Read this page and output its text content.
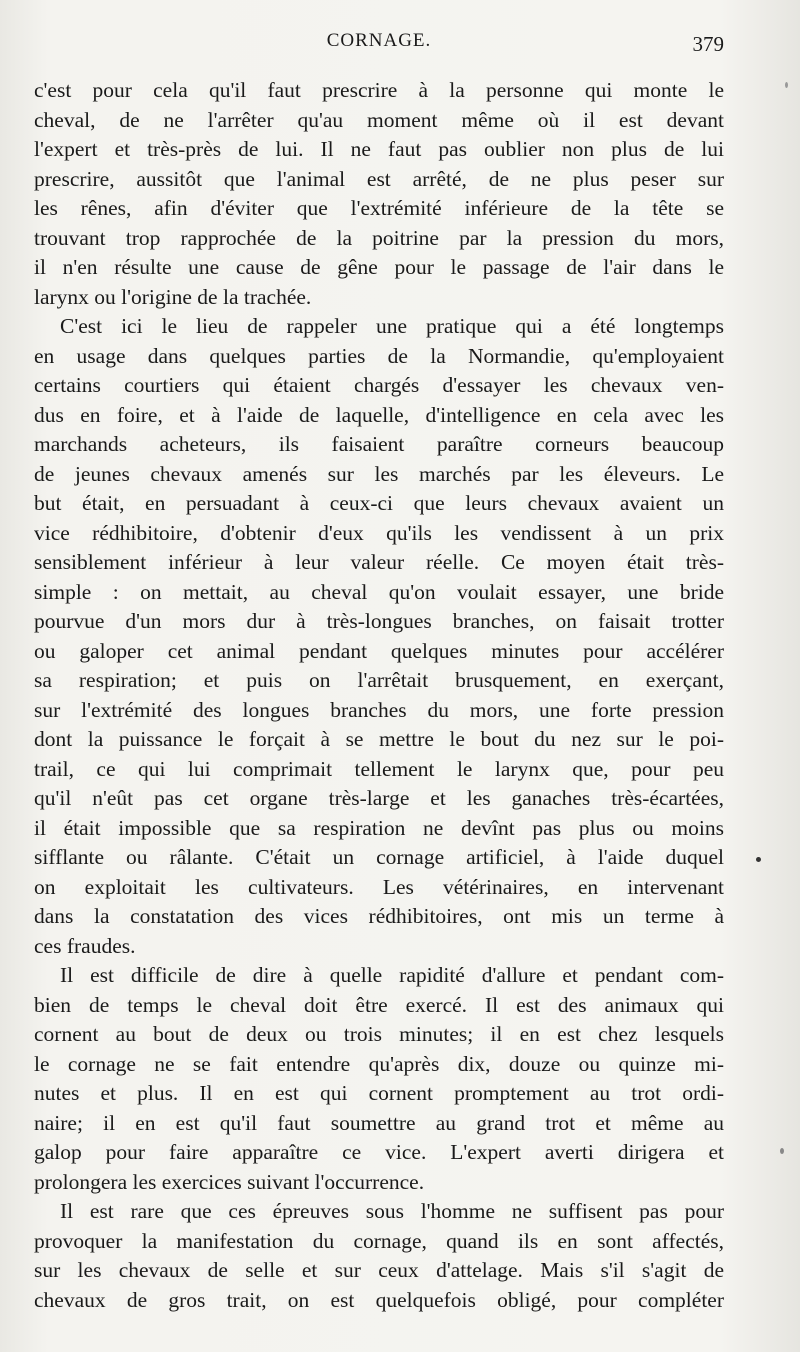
CORNAGE.	379
c'est pour cela qu'il faut prescrire à la personne qui monte le
cheval, de ne l'arrêter qu'au moment même où il est devant
l'expert et très-près de lui. Il ne faut pas oublier non plus de lui
prescrire, aussitôt que l'animal est arrêté, de ne plus peser sur
les rênes, afin d'éviter que l'extrémité inférieure de la tête se
trouvant trop rapprochée de la poitrine par la pression du mors,
il n'en résulte une cause de gêne pour le passage de l'air dans le
larynx ou l'origine de la trachée.
C'est ici le lieu de rappeler une pratique qui a été longtemps
en usage dans quelques parties de la Normandie, qu'employaient
certains courtiers qui étaient chargés d'essayer les chevaux ven-
dus en foire, et à l'aide de laquelle, d'intelligence en cela avec les
marchands acheteurs, ils faisaient paraître corneurs beaucoup
de jeunes chevaux amenés sur les marchés par les éleveurs. Le
but était, en persuadant à ceux-ci que leurs chevaux avaient un
vice rédhibitoire, d'obtenir d'eux qu'ils les vendissent à un prix
sensiblement inférieur à leur valeur réelle. Ce moyen était très-
simple : on mettait, au cheval qu'on voulait essayer, une bride
pourvue d'un mors dur à très-longues branches, on faisait trotter
ou galoper cet animal pendant quelques minutes pour accélérer
sa respiration; et puis on l'arrêtait brusquement, en exerçant,
sur l'extrémité des longues branches du mors, une forte pression
dont la puissance le forçait à se mettre le bout du nez sur le poi-
trail, ce qui lui comprimait tellement le larynx que, pour peu
qu'il n'eût pas cet organe très-large et les ganaches très-écartées,
il était impossible que sa respiration ne devînt pas plus ou moins
sifflante ou râlante. C'était un cornage artificiel, à l'aide duquel
on exploitait les cultivateurs. Les vétérinaires, en intervenant
dans la constatation des vices rédhibitoires, ont mis un terme à
ces fraudes.
Il est difficile de dire à quelle rapidité d'allure et pendant com-
bien de temps le cheval doit être exercé. Il est des animaux qui
cornent au bout de deux ou trois minutes; il en est chez lesquels
le cornage ne se fait entendre qu'après dix, douze ou quinze mi-
nutes et plus. Il en est qui cornent promptement au trot ordi-
naire; il en est qu'il faut soumettre au grand trot et même au
galop pour faire apparaître ce vice. L'expert averti dirigera et
prolongera les exercices suivant l'occurrence.
Il est rare que ces épreuves sous l'homme ne suffisent pas pour
provoquer la manifestation du cornage, quand ils en sont affectés,
sur les chevaux de selle et sur ceux d'attelage. Mais s'il s'agit de
chevaux de gros trait, on est quelquefois obligé, pour compléter
